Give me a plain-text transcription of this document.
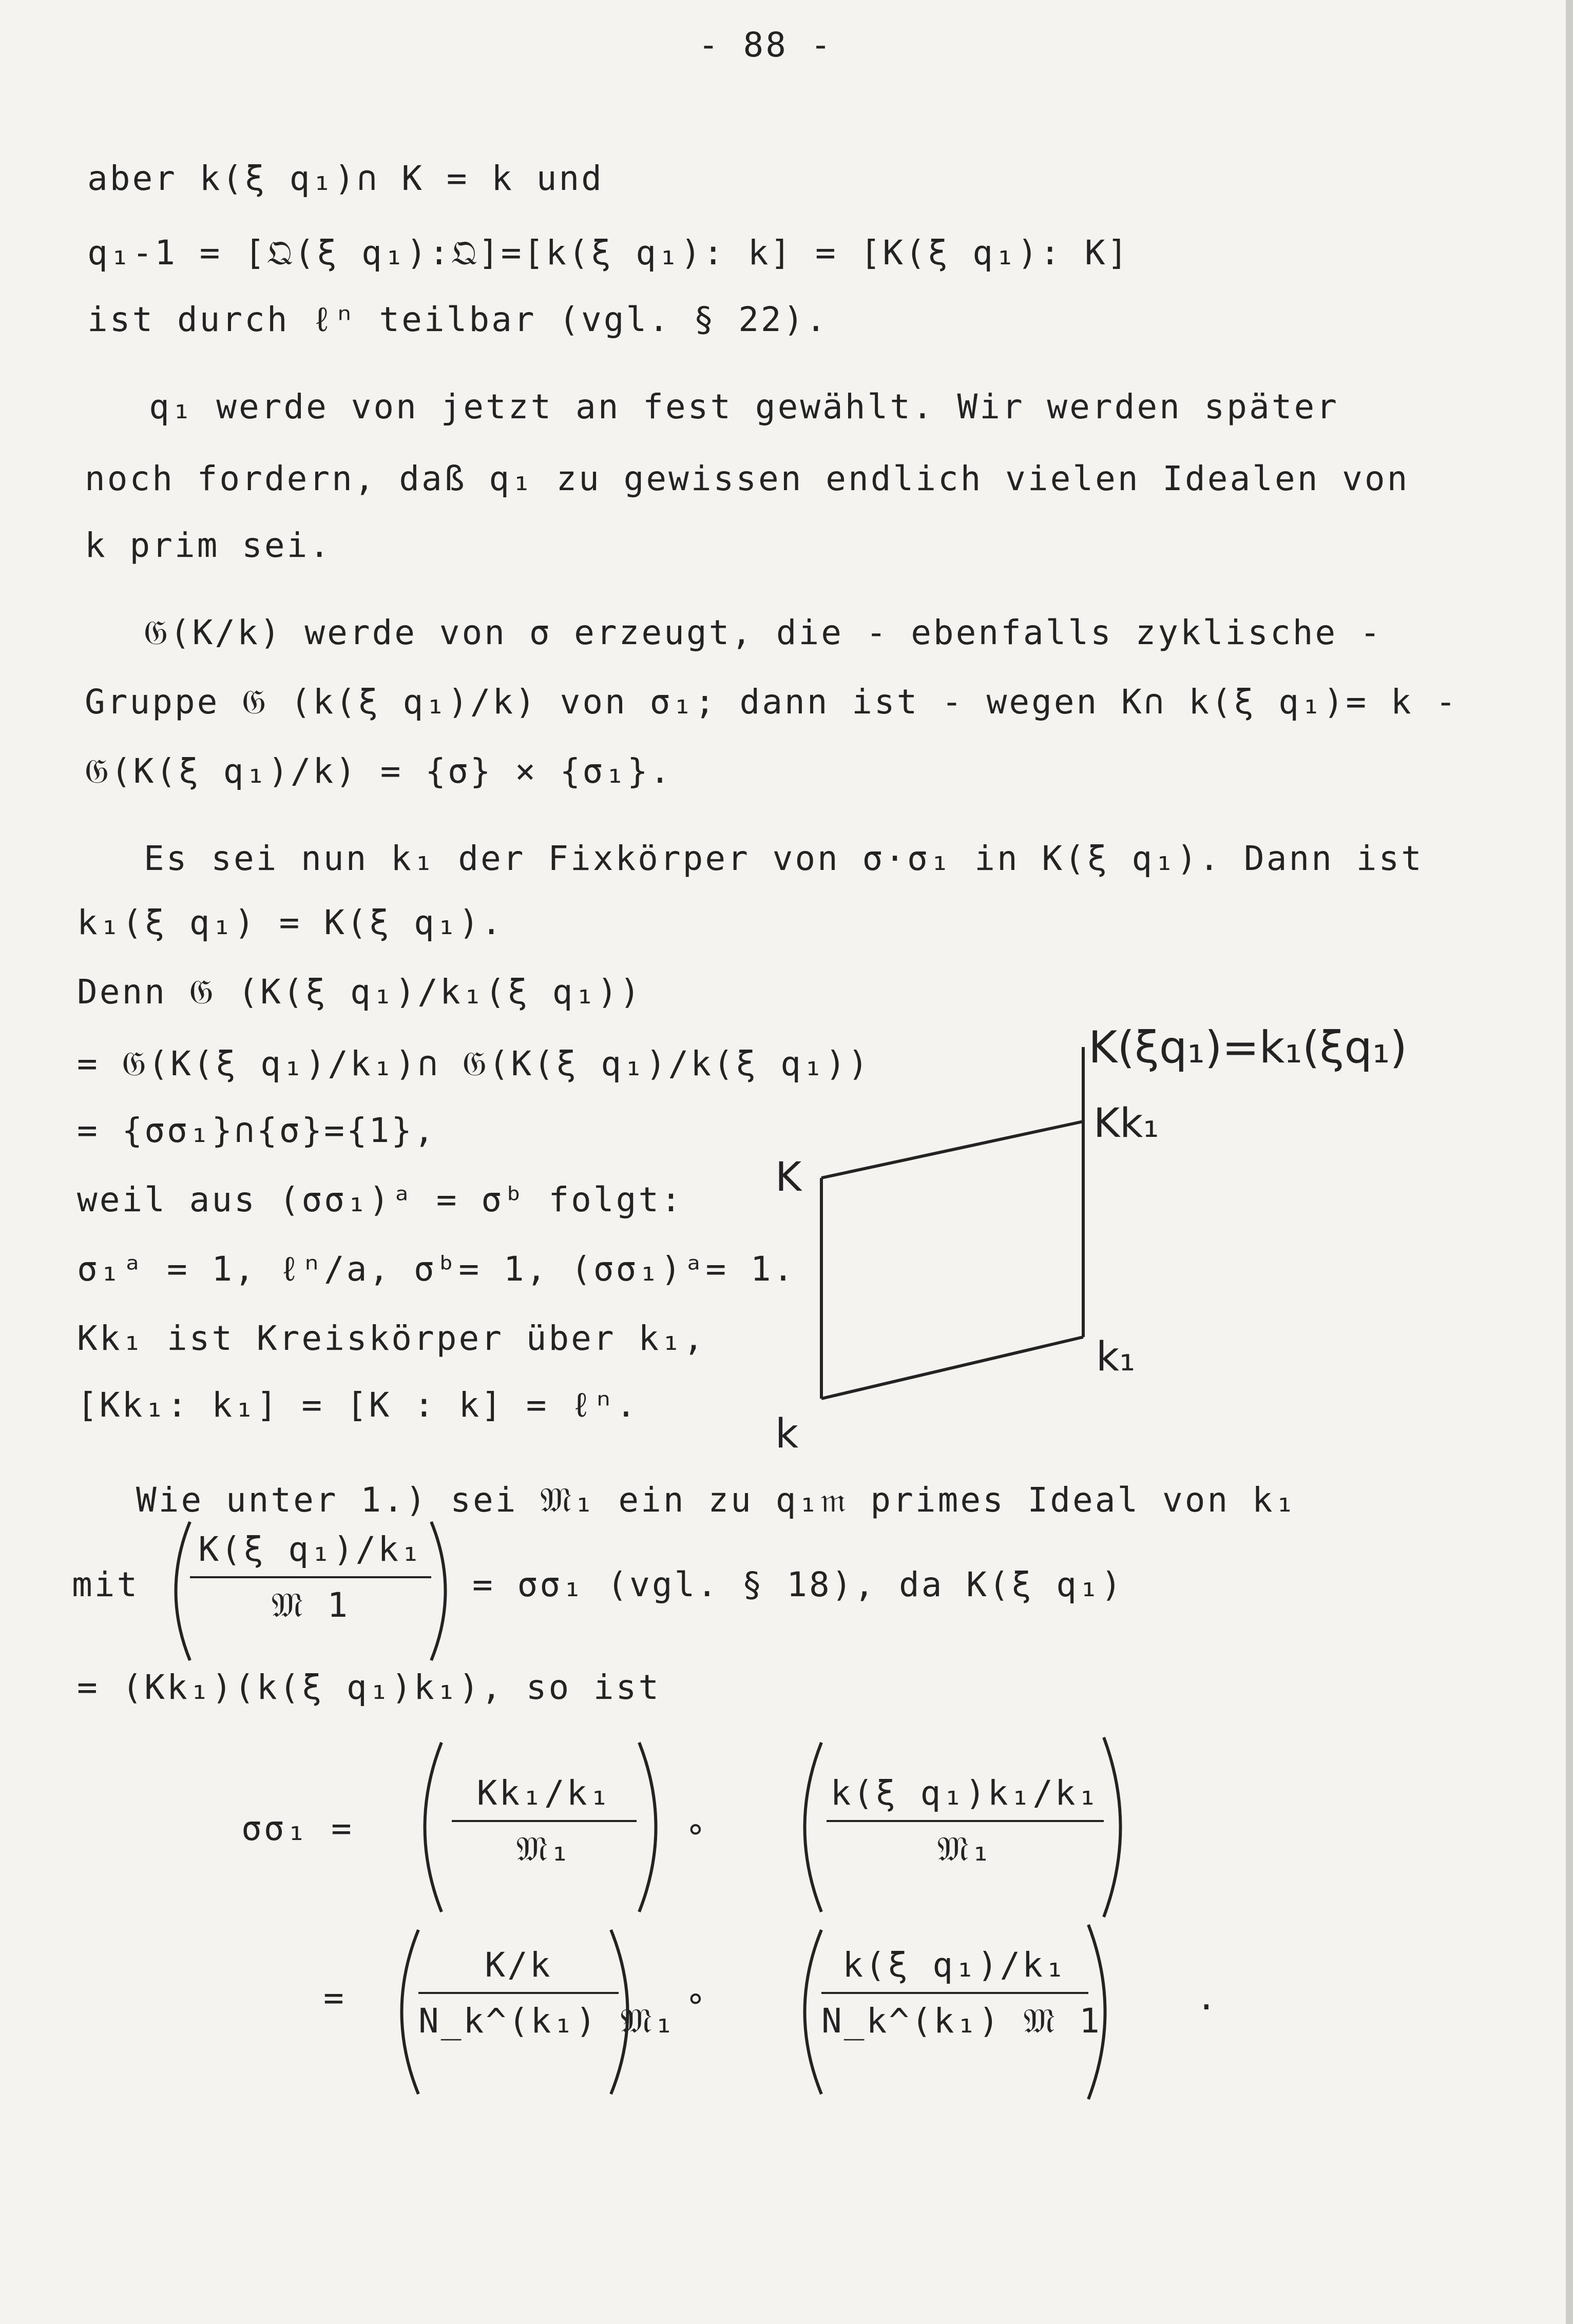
- 88 -
aber k(ξ q₁)∩ K = k und
q₁-1 = [𝔔(ξ q₁):𝔔]=[k(ξ q₁): k] = [K(ξ q₁): K]
ist durch ℓⁿ teilbar (vgl. § 22).
q₁ werde von jetzt an fest gewählt. Wir werden später
noch fordern, daß q₁ zu gewissen endlich vielen Idealen von
k prim sei.
𝔊(K/k) werde von σ erzeugt, die - ebenfalls zyklische -
Gruppe 𝔊 (k(ξ q₁)/k) von σ₁; dann ist - wegen K∩ k(ξ q₁)= k -
𝔊(K(ξ q₁)/k) = {σ} × {σ₁}.
Es sei nun k₁ der Fixkörper von σ·σ₁ in K(ξ q₁). Dann ist
k₁(ξ q₁) = K(ξ q₁).
Denn 𝔊 (K(ξ q₁)/k₁(ξ q₁))
= 𝔊(K(ξ q₁)/k₁)∩ 𝔊(K(ξ q₁)/k(ξ q₁))
= {σσ₁}∩{σ}={1},
weil aus (σσ₁)ᵃ = σᵇ folgt:
σ₁ᵃ = 1, ℓⁿ/a, σᵇ= 1, (σσ₁)ᵃ= 1.
Kk₁ ist Kreiskörper über k₁,
[Kk₁: k₁] = [K : k] = ℓⁿ.
K(ξq₁)=k₁(ξq₁)
Kk₁
K
k₁
k
Wie unter 1.) sei 𝔐₁ ein zu q₁𝔪 primes Ideal von k₁
mit
K(ξ q₁)/k₁
𝔐 1
= σσ₁ (vgl. § 18), da K(ξ q₁)
= (Kk₁)(k(ξ q₁)k₁), so ist
σσ₁ =
Kk₁/k₁
𝔐₁
∘
k(ξ q₁)k₁/k₁
𝔐₁
=
K/k
N_k^(k₁) 𝔐₁
∘
k(ξ q₁)/k₁
N_k^(k₁) 𝔐 1
.
